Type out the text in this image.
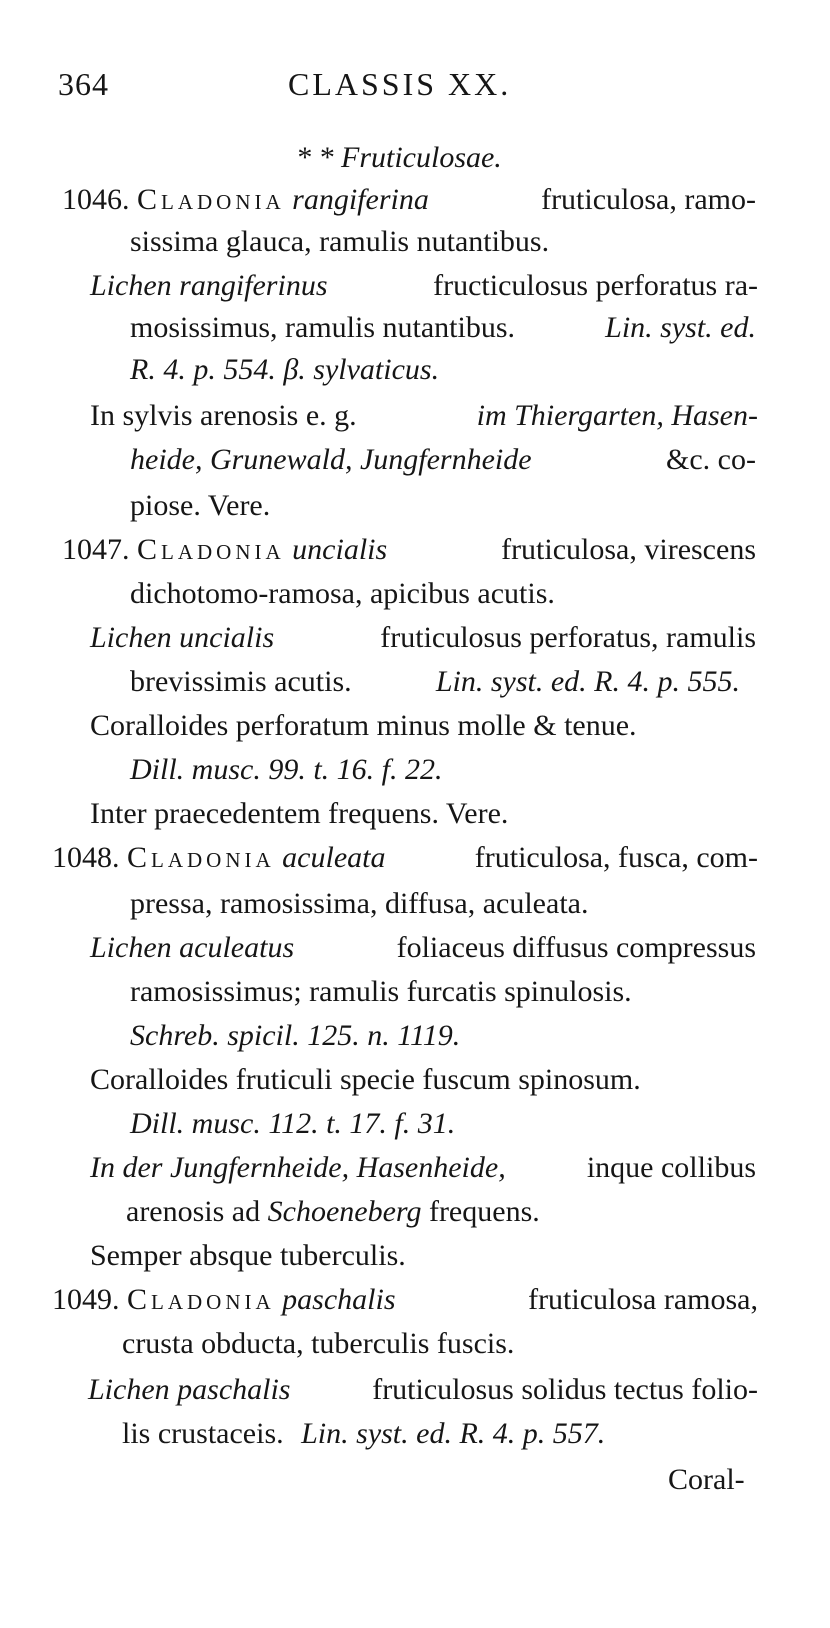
364	CLASSIS XX.
* * Fruticulosae.
1046. Cladonia rangiferina	fruticulosa, ramo-
sissima glauca, ramulis nutantibus.
Lichen rangiferinus	fructiculosus perforatus ra-
mosissimus, ramulis nutantibus.	Lin. syst. ed.
R. 4. p. 554. β. sylvaticus.
In sylvis arenosis e. g.	im Thiergarten, Hasen-
heide, Grunewald, Jungfernheide	&c. co-
piose. Vere.
1047. Cladonia uncialis	fruticulosa, virescens
dichotomo-ramosa, apicibus acutis.
Lichen uncialis	fruticulosus perforatus, ramulis
brevissimis acutis.	Lin. syst. ed. R. 4. p. 555.
Coralloides perforatum minus molle & tenue.
Dill. musc. 99. t. 16. f. 22.
Inter praecedentem frequens. Vere.
1048. Cladonia aculeata	fruticulosa, fusca, com-
pressa, ramosissima, diffusa, aculeata.
Lichen aculeatus	foliaceus diffusus compressus
ramosissimus; ramulis furcatis spinulosis.
Schreb. spicil. 125. n. 1119.
Coralloides fruticuli specie fuscum spinosum.
Dill. musc. 112. t. 17. f. 31.
In der Jungfernheide, Hasenheide,	inque collibus
arenosis ad Schoeneberg frequens.
Semper absque tuberculis.
1049. Cladonia paschalis	fruticulosa ramosa,
crusta obducta, tuberculis fuscis.
Lichen paschalis	fruticulosus solidus tectus folio-
lis crustaceis. Lin. syst. ed. R. 4. p. 557.
Coral-
